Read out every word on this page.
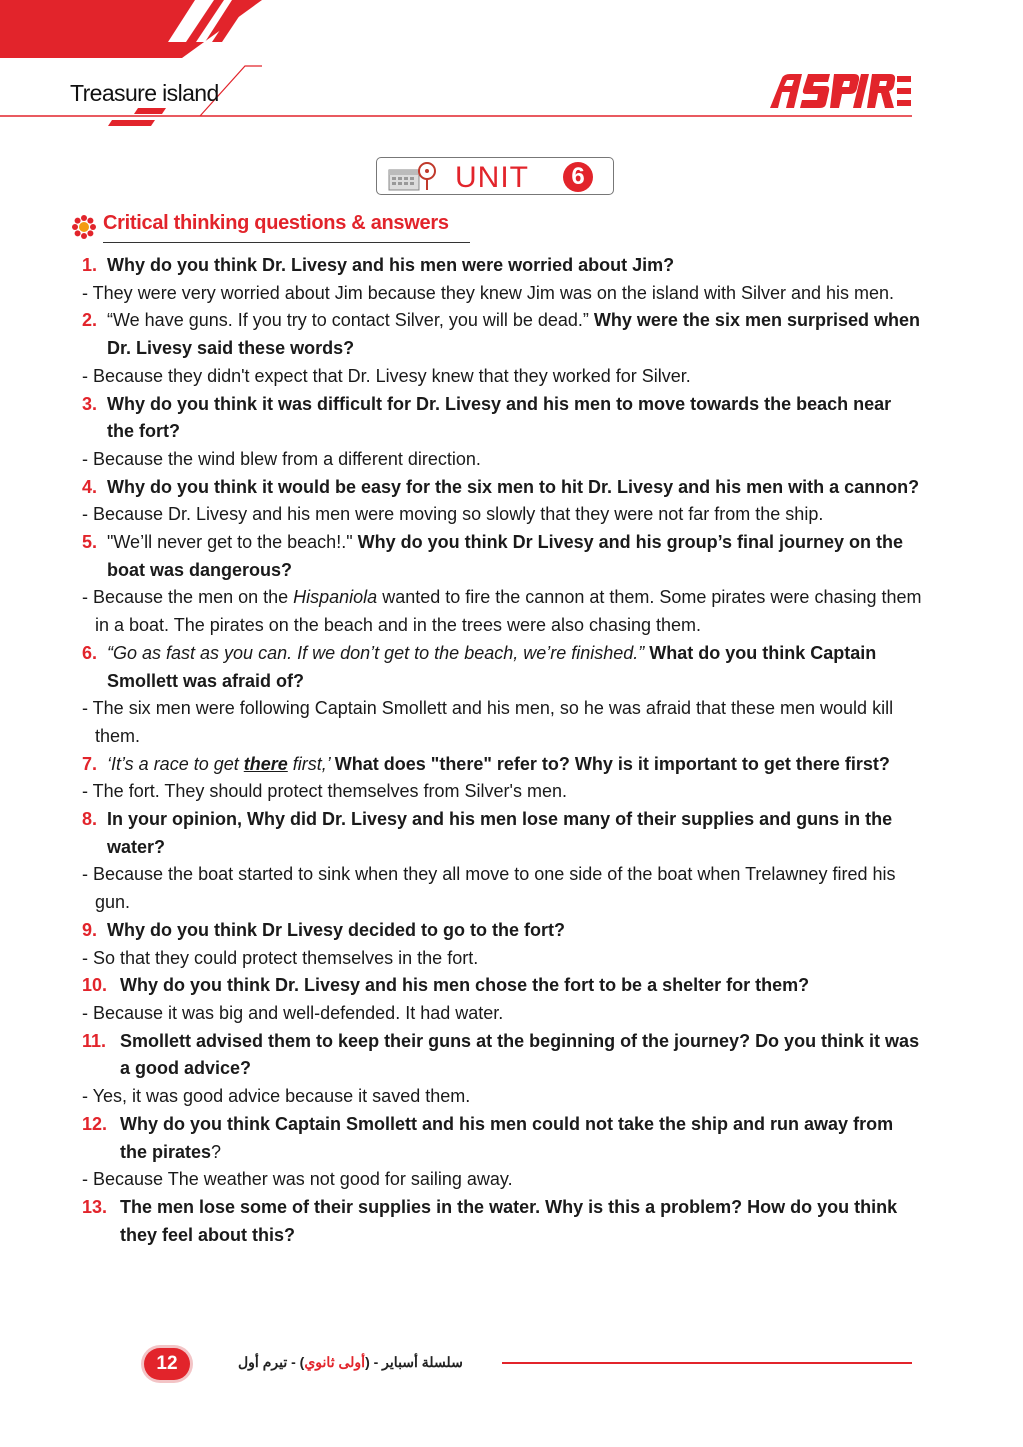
Treasure island
UNIT	6
Critical thinking questions & answers
1. Why do you think Dr. Livesy and his men were worried about Jim?
- They were very worried about Jim because they knew Jim was on the island with Silver and his men.
2. “We have guns. If you try to contact Silver, you will be dead.” Why were the six men surprised when Dr. Livesy said these words?
- Because they didn't expect that Dr. Livesy knew that they worked for Silver.
3. Why do you think it was difficult for Dr. Livesy and his men to move towards the beach near the fort?
- Because the wind blew from a different direction.
4. Why do you think it would be easy for the six men to hit Dr. Livesy and his men with a cannon?
- Because Dr. Livesy and his men were moving so slowly that they were not far from the ship.
5. "We’ll never get to the beach!." Why do you think Dr Livesy and his group’s final journey on the boat was dangerous?
- Because the men on the Hispaniola wanted to fire the cannon at them. Some pirates were chasing them in a boat. The pirates on the beach and in the trees were also chasing them.
6. “Go as fast as you can. If we don’t get to the beach, we’re finished.” What do you think Captain Smollett was afraid of?
- The six men were following Captain Smollett and his men, so he was afraid that these men would kill them.
7. ‘It’s a race to get there first,’ What does "there" refer to? Why is it important to get there first?
- The fort. They should protect themselves from Silver's men.
8. In your opinion, Why did Dr. Livesy and his men lose many of their supplies and guns in the water?
- Because the boat started to sink when they all move to one side of the boat when Trelawney fired his gun.
9. Why do you think Dr Livesy decided to go to the fort?
- So that they could protect themselves in the fort.
10. Why do you think Dr. Livesy and his men chose the fort to be a shelter for them?
- Because it was big and well-defended. It had water.
11. Smollett advised them to keep their guns at the beginning of the journey? Do you think it was a good advice?
- Yes, it was good advice because it saved them.
12. Why do you think Captain Smollett and his men could not take the ship and run away from the pirates?
- Because The weather was not good for sailing away.
13. The men lose some of their supplies in the water. Why is this a problem? How do you think they feel about this?
12	سلسلة أسباير - (أولى ثانوي) - تيرم أول
